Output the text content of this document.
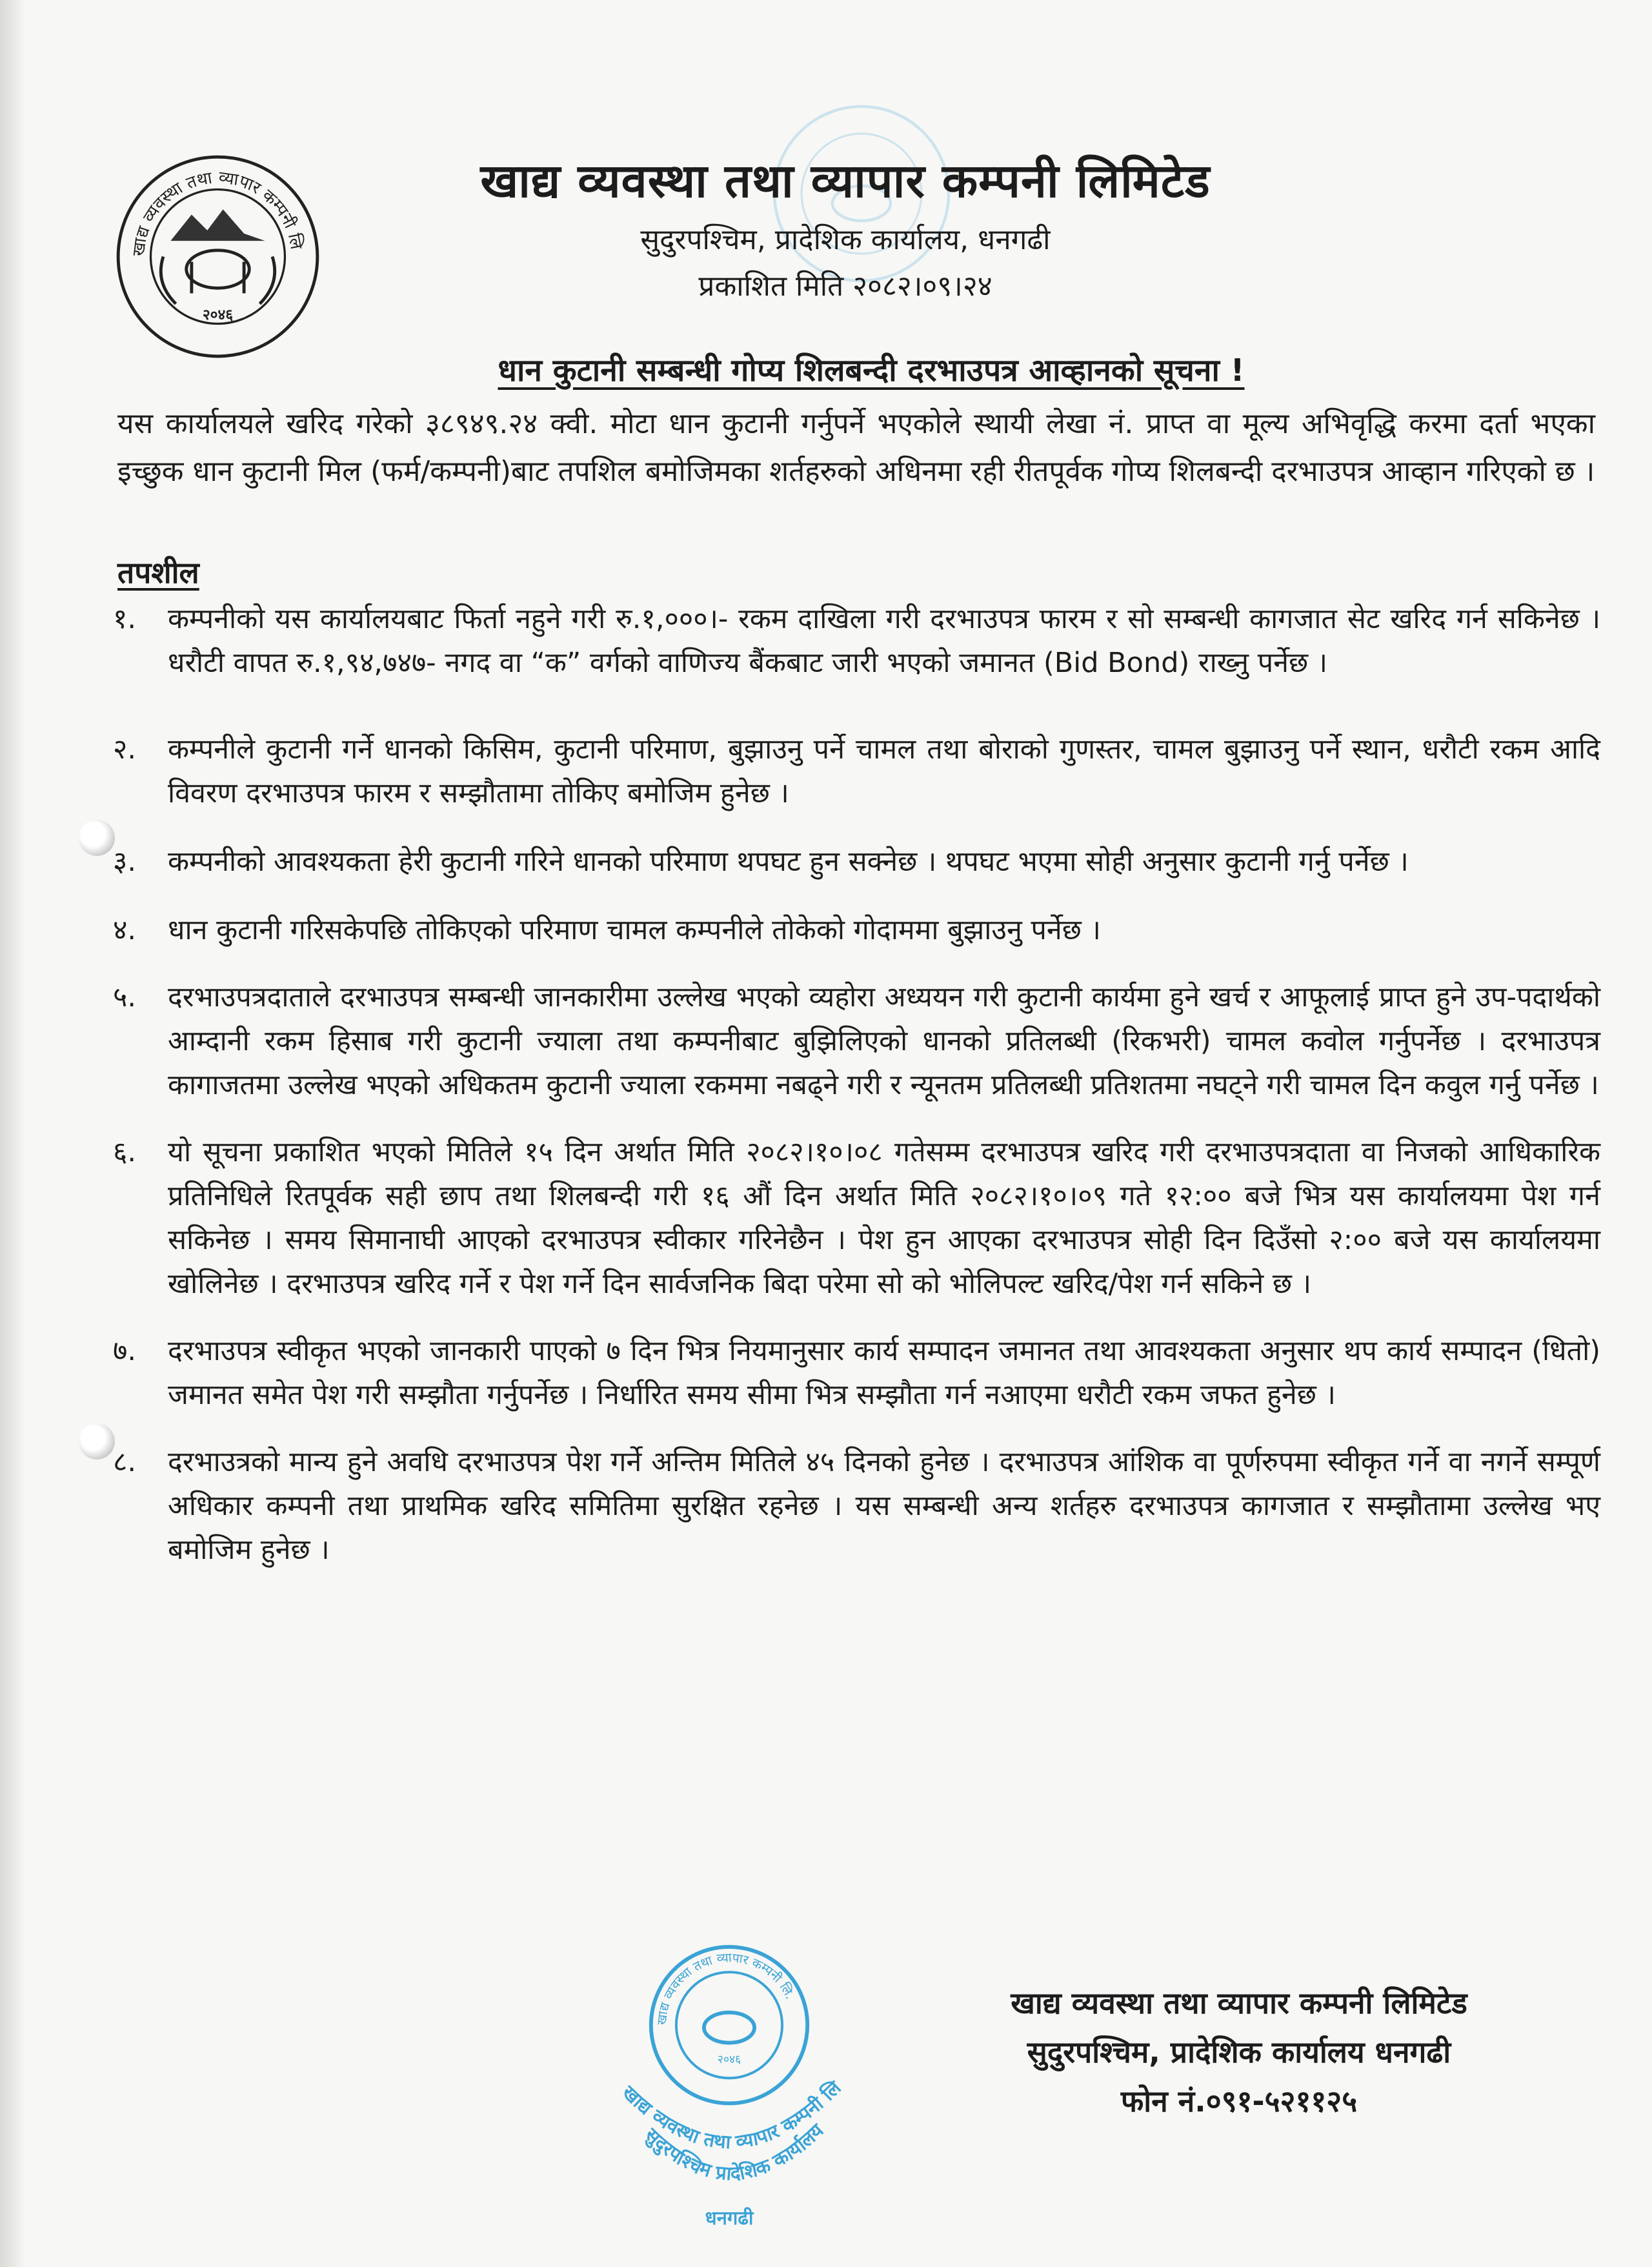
खाद्य व्यवस्था तथा व्यापार कम्पनी लि
२०४६
खाद्य व्यवस्था तथा व्यापार कम्पनी लिमिटेड
सुदुरपश्चिम, प्रादेशिक कार्यालय, धनगढी
प्रकाशित मिति २०८२।०९।२४
धान कुटानी सम्बन्धी गोप्य शिलबन्दी दरभाउपत्र आव्हानको सूचना !
यस कार्यालयले खरिद गरेको ३८९४९.२४ क्वी. मोटा धान कुटानी गर्नुपर्ने भएकोले स्थायी लेखा नं. प्राप्त वा मूल्य अभिवृद्धि करमा दर्ता भएका इच्छुक धान कुटानी मिल (फर्म/कम्पनी)बाट तपशिल बमोजिमका शर्तहरुको अधिनमा रही रीतपूर्वक गोप्य शिलबन्दी दरभाउपत्र आव्हान गरिएको छ ।
तपशील
१.	कम्पनीको यस कार्यालयबाट फिर्ता नहुने गरी रु.१,०००।- रकम दाखिला गरी दरभाउपत्र फारम र सो सम्बन्धी कागजात सेट खरिद गर्न सकिनेछ । धरौटी वापत रु.१,९४,७४७- नगद वा “क” वर्गको वाणिज्य बैंकबाट जारी भएको जमानत (Bid Bond) राख्नु पर्नेछ ।
२.	कम्पनीले कुटानी गर्ने धानको किसिम, कुटानी परिमाण, बुझाउनु पर्ने चामल तथा बोराको गुणस्तर, चामल बुझाउनु पर्ने स्थान, धरौटी रकम आदि विवरण दरभाउपत्र फारम र सम्झौतामा तोकिए बमोजिम हुनेछ ।
३.	कम्पनीको आवश्यकता हेरी कुटानी गरिने धानको परिमाण थपघट हुन सक्नेछ । थपघट भएमा सोही अनुसार कुटानी गर्नु पर्नेछ ।
४.	धान कुटानी गरिसकेपछि तोकिएको परिमाण चामल कम्पनीले तोकेको गोदाममा बुझाउनु पर्नेछ ।
५.	दरभाउपत्रदाताले दरभाउपत्र सम्बन्धी जानकारीमा उल्लेख भएको व्यहोरा अध्ययन गरी कुटानी कार्यमा हुने खर्च र आफूलाई प्राप्त हुने उप-पदार्थको आम्दानी रकम हिसाब गरी कुटानी ज्याला तथा कम्पनीबाट बुझिलिएको धानको प्रतिलब्धी (रिकभरी) चामल कवोल गर्नुपर्नेछ । दरभाउपत्र कागाजतमा उल्लेख भएको अधिकतम कुटानी ज्याला रकममा नबढ्ने गरी र न्यूनतम प्रतिलब्धी प्रतिशतमा नघट्ने गरी चामल दिन कवुल गर्नु पर्नेछ ।
६.	यो सूचना प्रकाशित भएको मितिले १५ दिन अर्थात मिति २०८२।१०।०८ गतेसम्म दरभाउपत्र खरिद गरी दरभाउपत्रदाता वा निजको आधिकारिक प्रतिनिधिले रितपूर्वक सही छाप तथा शिलबन्दी गरी १६ औं दिन अर्थात मिति २०८२।१०।०९ गते १२:०० बजे भित्र यस कार्यालयमा पेश गर्न सकिनेछ । समय सिमानाघी आएको दरभाउपत्र स्वीकार गरिनेछैन । पेश हुन आएका दरभाउपत्र सोही दिन दिउँसो २:०० बजे यस कार्यालयमा खोलिनेछ । दरभाउपत्र खरिद गर्ने र पेश गर्ने दिन सार्वजनिक बिदा परेमा सो को भोलिपल्ट खरिद/पेश गर्न सकिने छ ।
७.	दरभाउपत्र स्वीकृत भएको जानकारी पाएको ७ दिन भित्र नियमानुसार कार्य सम्पादन जमानत तथा आवश्यकता अनुसार थप कार्य सम्पादन (धितो) जमानत समेत पेश गरी सम्झौता गर्नुपर्नेछ । निर्धारित समय सीमा भित्र सम्झौता गर्न नआएमा धरौटी रकम जफत हुनेछ ।
८.	दरभाउत्रको मान्य हुने अवधि दरभाउपत्र पेश गर्ने अन्तिम मितिले ४५ दिनको हुनेछ । दरभाउपत्र आंशिक वा पूर्णरुपमा स्वीकृत गर्ने वा नगर्ने सम्पूर्ण अधिकार कम्पनी तथा प्राथमिक खरिद समितिमा सुरक्षित रहनेछ । यस सम्बन्धी अन्य शर्तहरु दरभाउपत्र कागजात र सम्झौतामा उल्लेख भए बमोजिम हुनेछ ।
खाद्य व्यवस्था तथा व्यापार कम्पनी लि.
२०४६
खाद्य व्यवस्था तथा व्यापार कम्पनी लि
सुदुरपश्चिम प्रादेशिक कार्यालय
धनगढी
खाद्य व्यवस्था तथा व्यापार कम्पनी लिमिटेड
सुदुरपश्चिम, प्रादेशिक कार्यालय धनगढी
फोन नं.०९१-५२११२५
